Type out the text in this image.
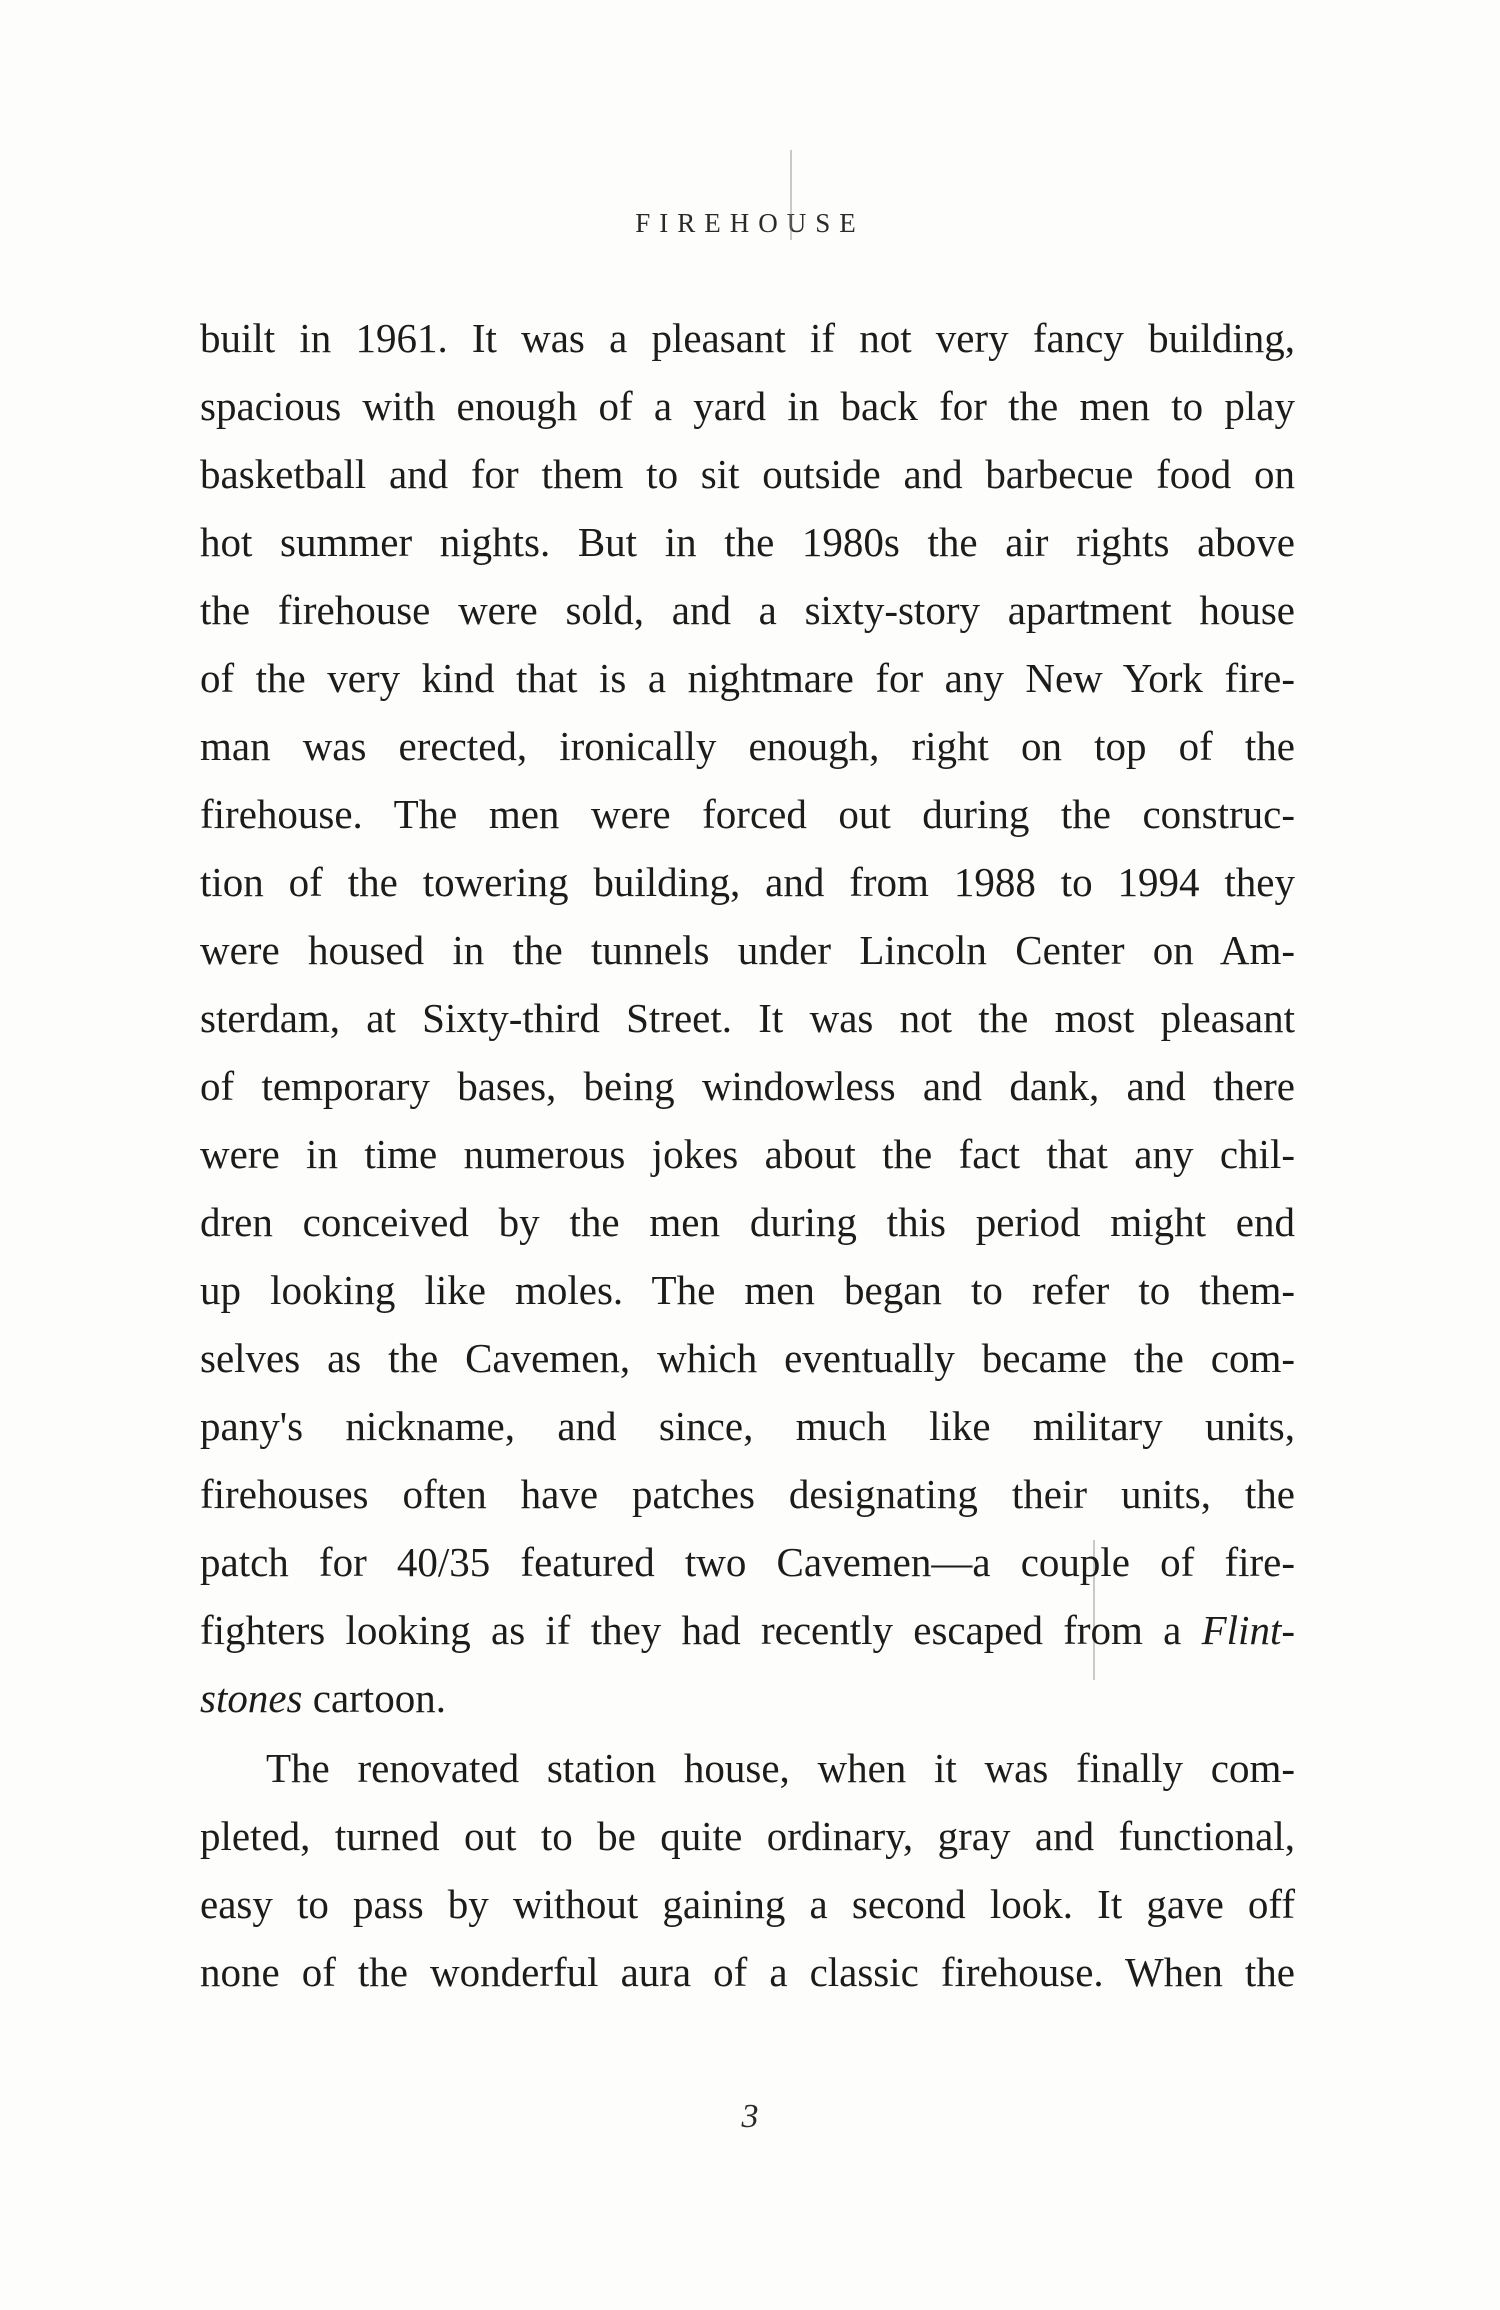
FIREHOUSE
built in 1961. It was a pleasant if not very fancy building,
spacious with enough of a yard in back for the men to play
basketball and for them to sit outside and barbecue food on
hot summer nights. But in the 1980s the air rights above
the firehouse were sold, and a sixty-story apartment house
of the very kind that is a nightmare for any New York fire-
man was erected, ironically enough, right on top of the
firehouse. The men were forced out during the construc-
tion of the towering building, and from 1988 to 1994 they
were housed in the tunnels under Lincoln Center on Am-
sterdam, at Sixty-third Street. It was not the most pleasant
of temporary bases, being windowless and dank, and there
were in time numerous jokes about the fact that any chil-
dren conceived by the men during this period might end
up looking like moles. The men began to refer to them-
selves as the Cavemen, which eventually became the com-
pany's nickname, and since, much like military units,
firehouses often have patches designating their units, the
patch for 40/35 featured two Cavemen—a couple of fire-
fighters looking as if they had recently escaped from a Flint-
stones cartoon.
The renovated station house, when it was finally com-
pleted, turned out to be quite ordinary, gray and functional,
easy to pass by without gaining a second look. It gave off
none of the wonderful aura of a classic firehouse. When the
3
